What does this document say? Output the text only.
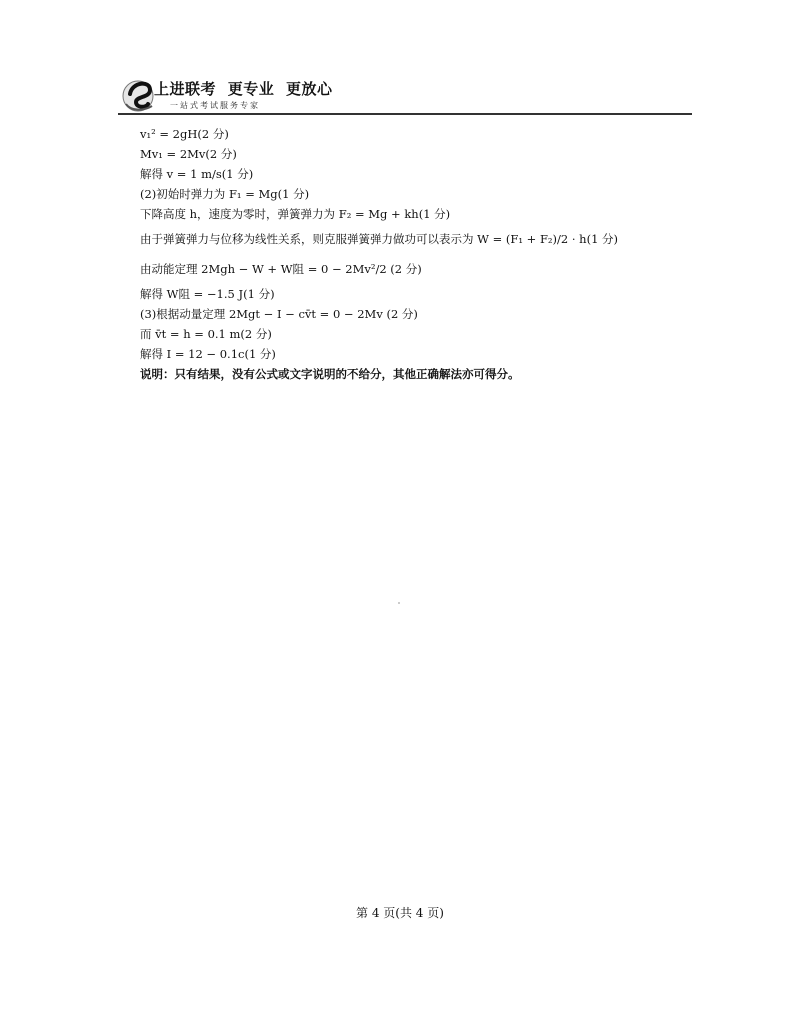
上进联考 更专业 更放心
一站式考试服务专家
v₁² = 2gH(2 分)
Mv₁ = 2Mv(2 分)
解得 v = 1 m/s(1 分)
(2)初始时弹力为 F₁ = Mg(1 分)
下降高度 h，速度为零时，弹簧弹力为 F₂ = Mg + kh(1 分)
由于弹簧弹力与位移为线性关系，则克服弹簧弹力做功可以表示为 W = (F₁ + F₂)/2 · h(1 分)
由动能定理 2Mgh − W + W阻 = 0 − 2Mv²/2 (2 分)
解得 W阻 = −1.5 J(1 分)
(3)根据动量定理 2Mgt − I − cv̄t = 0 − 2Mv (2 分)
而 v̄t = h = 0.1 m(2 分)
解得 I = 12 − 0.1c(1 分)
说明：只有结果，没有公式或文字说明的不给分，其他正确解法亦可得分。
第 4 页(共 4 页)
